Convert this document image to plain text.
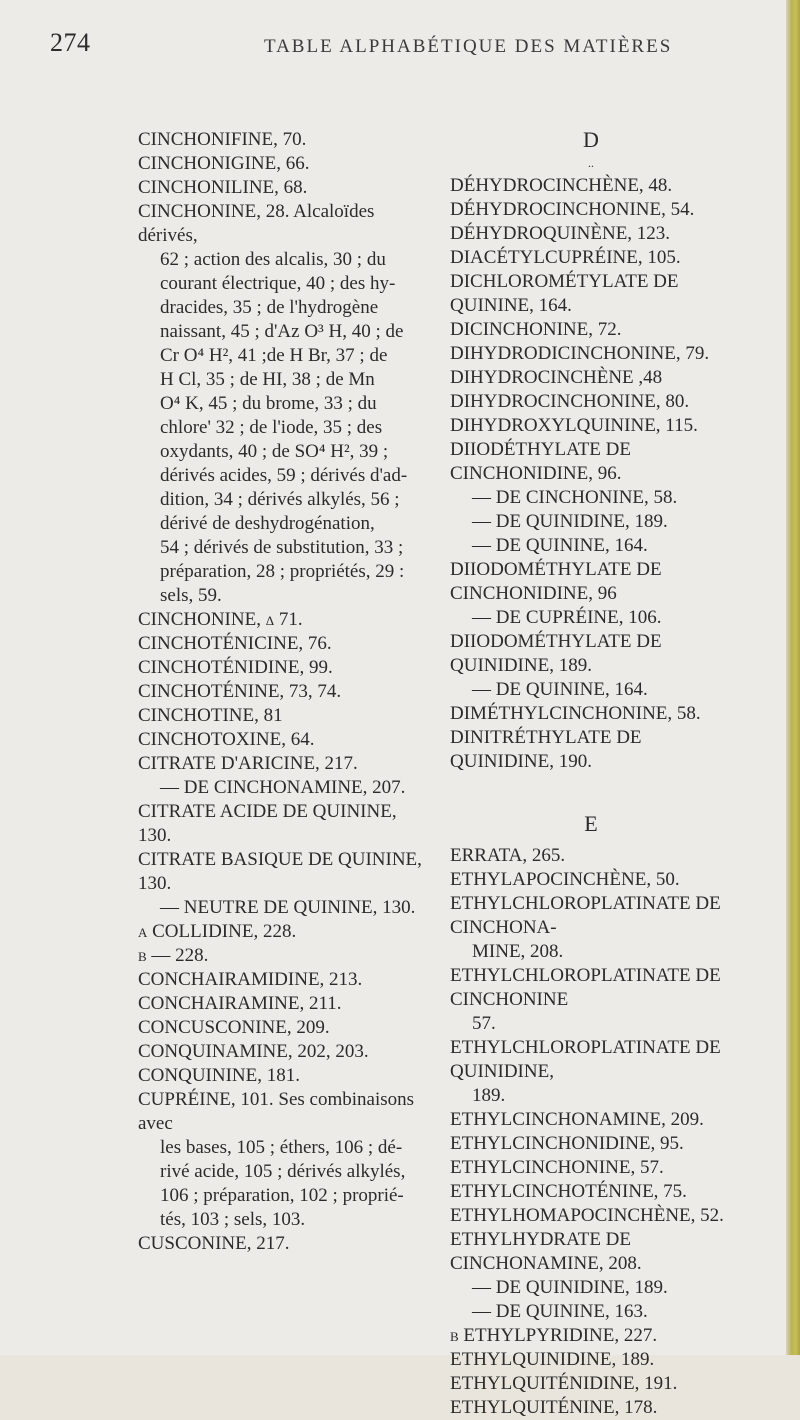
274	TABLE ALPHABÉTIQUE DES MATIÈRES
CINCHONIFINE, 70.
CINCHONIGINE, 66.
CINCHONILINE, 68.
CINCHONINE, 28. Alcaloïdes dérivés,
62 ; action des alcalis, 30 ; du
courant électrique, 40 ; des hy-
dracides, 35 ; de l'hydrogène
naissant, 45 ; d'Az O³ H, 40 ; de
Cr O⁴ H², 41 ;de H Br, 37 ; de
H Cl, 35 ; de HI, 38 ; de Mn
O⁴ K, 45 ; du brome, 33 ; du
chlore' 32 ; de l'iode, 35 ; des
oxydants, 40 ; de SO⁴ H², 39 ;
dérivés acides, 59 ; dérivés d'ad-
dition, 34 ; dérivés alkylés, 56 ;
dérivé de deshydrogénation,
54 ; dérivés de substitution, 33 ;
préparation, 28 ; propriétés, 29 :
sels, 59.
CINCHONINE, δ 71.
CINCHOTÉNICINE, 76.
CINCHOTÉNIDINE, 99.
CINCHOTÉNINE, 73, 74.
CINCHOTINE, 81
CINCHOTOXINE, 64.
CITRATE D'ARICINE, 217.
— DE CINCHONAMINE, 207.
CITRATE ACIDE DE QUININE, 130.
CITRATE BASIQUE DE QUININE, 130.
— NEUTRE DE QUININE, 130.
α COLLIDINE, 228.
β — 228.
CONCHAIRAMIDINE, 213.
CONCHAIRAMINE, 211.
CONCUSCONINE, 209.
CONQUINAMINE, 202, 203.
CONQUININE, 181.
CUPRÉINE, 101. Ses combinaisons avec
les bases, 105 ; éthers, 106 ; dé-
rivé acide, 105 ; dérivés alkylés,
106 ; préparation, 102 ; proprié-
tés, 103 ; sels, 103.
CUSCONINE, 217.
D
..
DÉHYDROCINCHÈNE, 48.
DÉHYDROCINCHONINE, 54.
DÉHYDROQUINÈNE, 123.
DIACÉTYLCUPRÉINE, 105.
DICHLOROMÉTYLATE DE QUININE, 164.
DICINCHONINE, 72.
DIHYDRODICINCHONINE, 79.
DIHYDROCINCHÈNE ,48
DIHYDROCINCHONINE, 80.
DIHYDROXYLQUININE, 115.
DIIODÉTHYLATE DE CINCHONIDINE, 96.
— DE CINCHONINE, 58.
— DE QUINIDINE, 189.
— DE QUININE, 164.
DIIODOMÉTHYLATE DE CINCHONIDINE, 96
— DE CUPRÉINE, 106.
DIIODOMÉTHYLATE DE QUINIDINE, 189.
— DE QUININE, 164.
DIMÉTHYLCINCHONINE, 58.
DINITRÉTHYLATE DE QUINIDINE, 190.
E
ERRATA, 265.
ETHYLAPOCINCHÈNE, 50.
ETHYLCHLOROPLATINATE DE CINCHONA-
MINE, 208.
ETHYLCHLOROPLATINATE DE CINCHONINE
57.
ETHYLCHLOROPLATINATE DE QUINIDINE,
189.
ETHYLCINCHONAMINE, 209.
ETHYLCINCHONIDINE, 95.
ETHYLCINCHONINE, 57.
ETHYLCINCHOTÉNINE, 75.
ETHYLHOMAPOCINCHÈNE, 52.
ETHYLHYDRATE DE CINCHONAMINE, 208.
— DE QUINIDINE, 189.
— DE QUININE, 163.
β ETHYLPYRIDINE, 227.
ETHYLQUINIDINE, 189.
ETHYLQUITÉNIDINE, 191.
ETHYLQUITÉNINE, 178.
